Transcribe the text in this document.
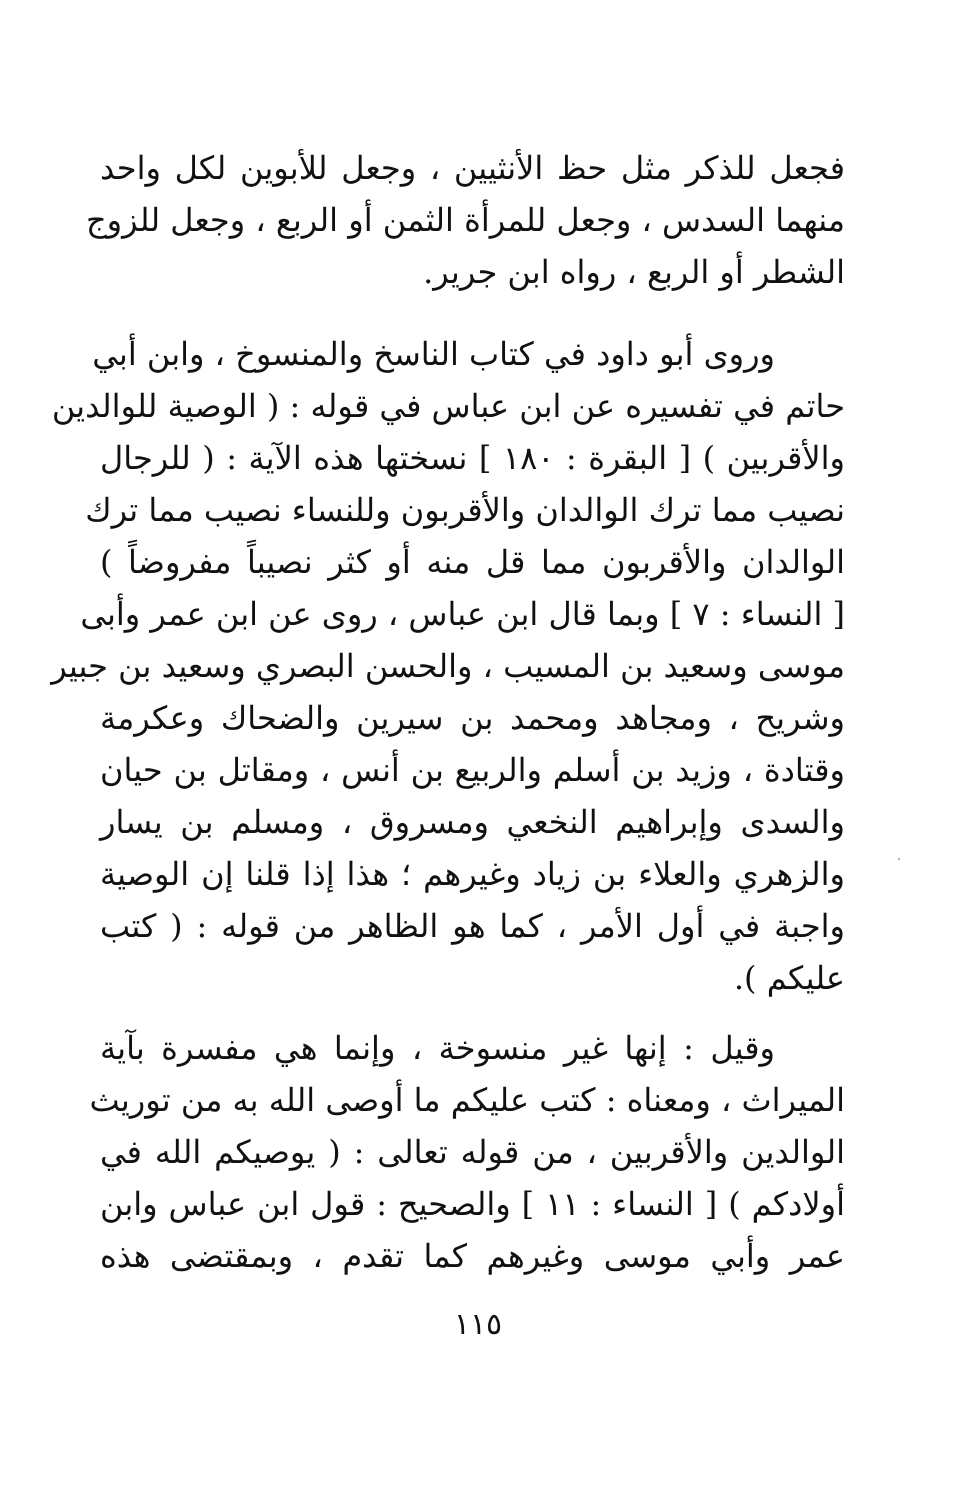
فجعل للذكر مثل حظ الأنثيين ، وجعل للأبوين لكل واحد
منهما السدس ، وجعل للمرأة الثمن أو الربع ، وجعل للزوج
الشطر أو الربع ، رواه ابن جرير.
وروى أبو داود في كتاب الناسخ والمنسوخ ، وابن أبي
حاتم في تفسيره عن ابن عباس في قوله : ( الوصية للوالدين
والأقربين ) [ البقرة : ١٨٠ ] نسختها هذه الآية : ( للرجال
نصيب مما ترك الوالدان والأقربون وللنساء نصيب مما ترك
الوالدان والأقربون مما قل منه أو كثر نصيباً مفروضاً )
[ النساء : ٧ ] وبما قال ابن عباس ، روى عن ابن عمر وأبى
موسى وسعيد بن المسيب ، والحسن البصري وسعيد بن جبير
وشريح ، ومجاهد ومحمد بن سيرين والضحاك وعكرمة
وقتادة ، وزيد بن أسلم والربيع بن أنس ، ومقاتل بن حيان
والسدى وإبراهيم النخعي ومسروق ، ومسلم بن يسار
والزهري والعلاء بن زياد وغيرهم ؛ هذا إذا قلنا إن الوصية
واجبة في أول الأمر ، كما هو الظاهر من قوله : ( كتب
عليكم ).
وقيل : إنها غير منسوخة ، وإنما هي مفسرة بآية
الميراث ، ومعناه : كتب عليكم ما أوصى الله به من توريث
الوالدين والأقربين ، من قوله تعالى : ( يوصيكم الله في
أولادكم ) [ النساء : ١١ ] والصحيح : قول ابن عباس وابن
عمر وأبي موسى وغيرهم كما تقدم ، وبمقتضى هذه
١١٥
